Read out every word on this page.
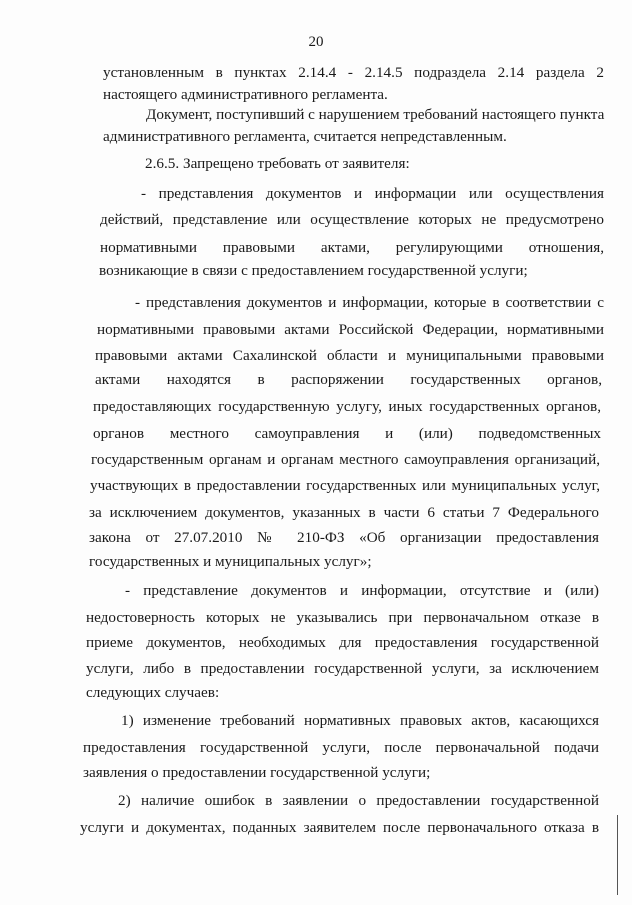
20
установленным в пунктах 2.14.4 - 2.14.5 подраздела 2.14 раздела 2
настоящего административного регламента.
Документ, поступивший с нарушением требований настоящего пункта
административного регламента, считается непредставленным.
2.6.5. Запрещено требовать от заявителя:
- представления документов и информации или осуществления
действий, представление или осуществление которых не предусмотрено
нормативными правовыми актами, регулирующими отношения,
возникающие в связи с предоставлением государственной услуги;
- представления документов и информации, которые в соответствии с
нормативными правовыми актами Российской Федерации, нормативными
правовыми актами Сахалинской области и муниципальными правовыми
актами находятся в распоряжении государственных органов,
предоставляющих государственную услугу, иных государственных органов,
органов местного самоуправления и (или) подведомственных
государственным органам и органам местного самоуправления организаций,
участвующих в предоставлении государственных или муниципальных услуг,
за исключением документов, указанных в части 6 статьи 7 Федерального
закона от 27.07.2010 № 210-ФЗ «Об организации предоставления
государственных и муниципальных услуг»;
- представление документов и информации, отсутствие и (или)
недостоверность которых не указывались при первоначальном отказе в
приеме документов, необходимых для предоставления государственной
услуги, либо в предоставлении государственной услуги, за исключением
следующих случаев:
1) изменение требований нормативных правовых актов, касающихся
предоставления государственной услуги, после первоначальной подачи
заявления о предоставлении государственной услуги;
2) наличие ошибок в заявлении о предоставлении государственной
услуги и документах, поданных заявителем после первоначального отказа в
